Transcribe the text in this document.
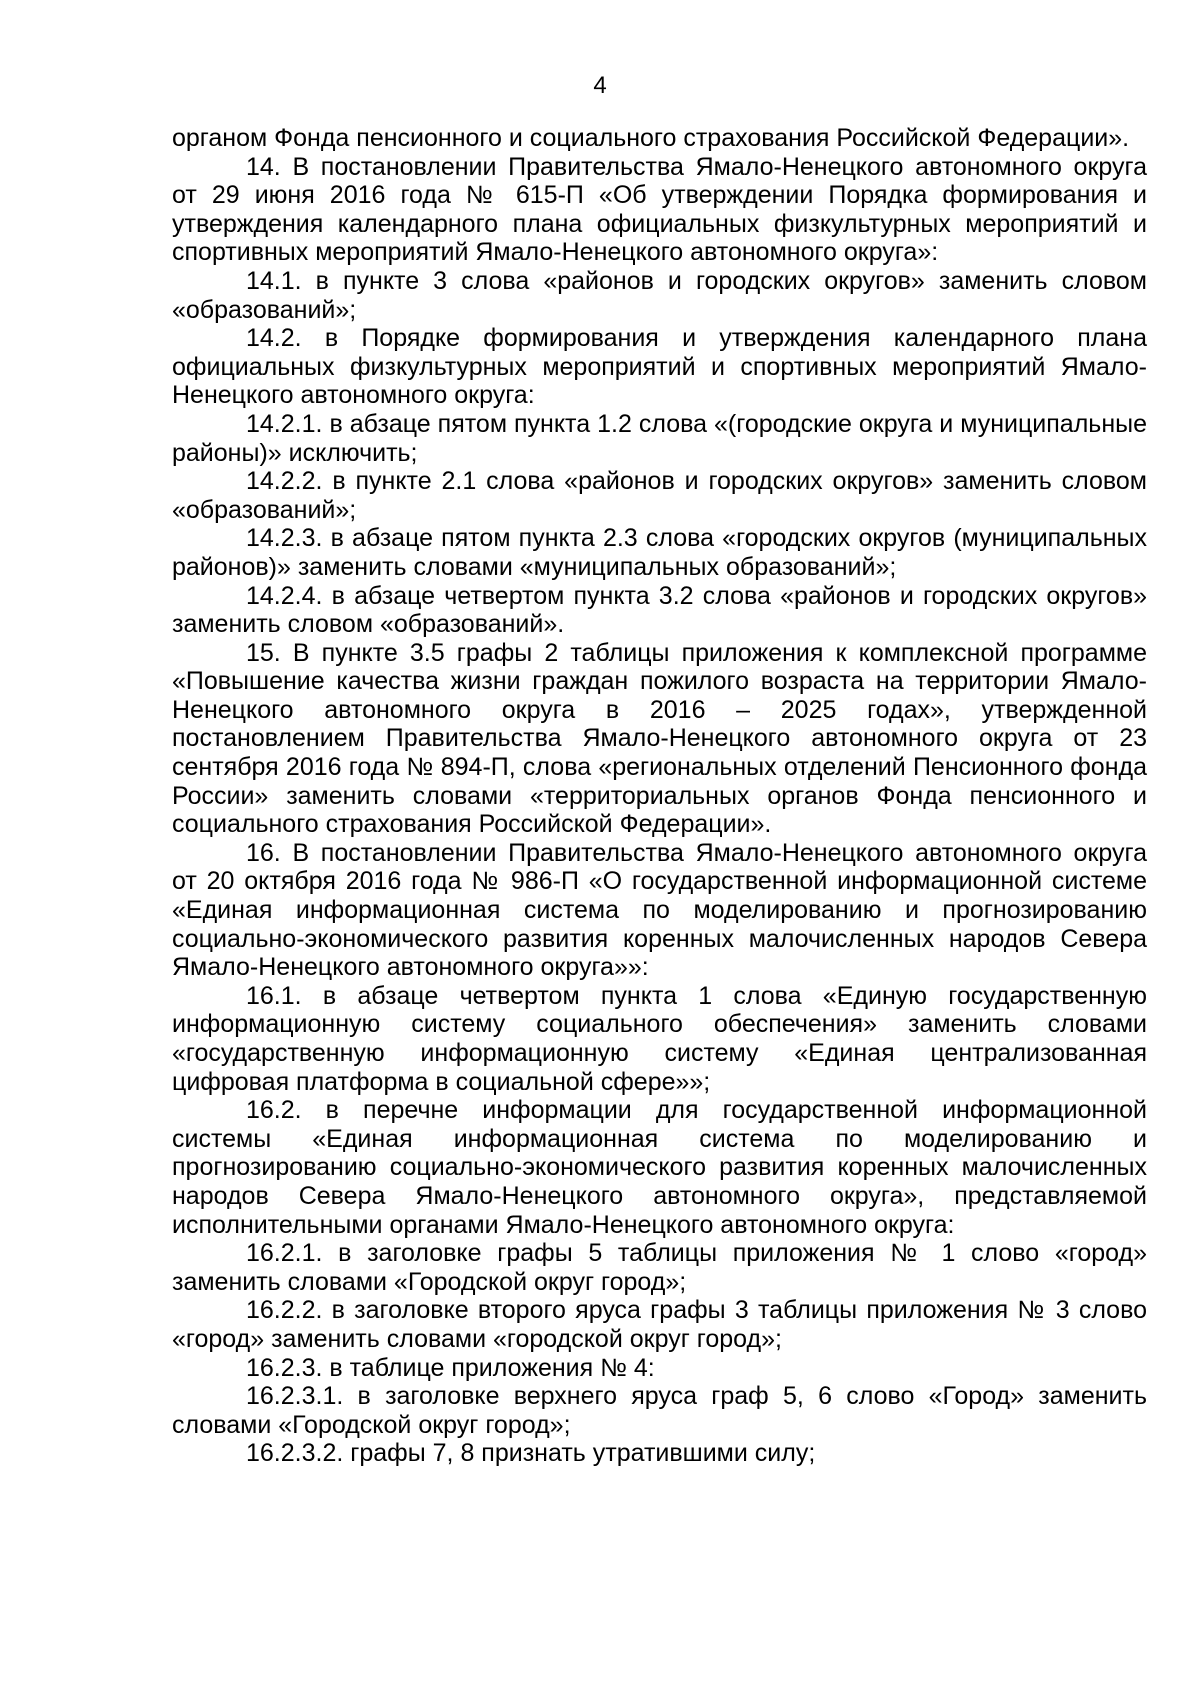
4

органом Фонда пенсионного и социального страхования Российской Федерации».

14. В постановлении Правительства Ямало-Ненецкого автономного округа от 29 июня 2016 года № 615-П «Об утверждении Порядка формирования и утверждения календарного плана официальных физкультурных мероприятий и спортивных мероприятий Ямало-Ненецкого автономного округа»:

14.1. в пункте 3 слова «районов и городских округов» заменить словом «образований»;

14.2. в Порядке формирования и утверждения календарного плана официальных физкультурных мероприятий и спортивных мероприятий Ямало-Ненецкого автономного округа:

14.2.1. в абзаце пятом пункта 1.2 слова «(городские округа и муниципальные районы)» исключить;

14.2.2. в пункте 2.1 слова «районов и городских округов» заменить словом «образований»;

14.2.3. в абзаце пятом пункта 2.3 слова «городских округов (муниципальных районов)» заменить словами «муниципальных образований»;

14.2.4. в абзаце четвертом пункта 3.2 слова «районов и городских округов» заменить словом «образований».

15. В пункте 3.5 графы 2 таблицы приложения к комплексной программе «Повышение качества жизни граждан пожилого возраста на территории Ямало-Ненецкого автономного округа в 2016 – 2025 годах», утвержденной постановлением Правительства Ямало-Ненецкого автономного округа от 23 сентября 2016 года № 894-П, слова «региональных отделений Пенсионного фонда России» заменить словами «территориальных органов Фонда пенсионного и социального страхования Российской Федерации».

16. В постановлении Правительства Ямало-Ненецкого автономного округа от 20 октября 2016 года № 986-П «О государственной информационной системе «Единая информационная система по моделированию и прогнозированию социально-экономического развития коренных малочисленных народов Севера Ямало-Ненецкого автономного округа»»:

16.1. в абзаце четвертом пункта 1 слова «Единую государственную информационную систему социального обеспечения» заменить словами «государственную информационную систему «Единая централизованная цифровая платформа в социальной сфере»»;

16.2. в перечне информации для государственной информационной системы «Единая информационная система по моделированию и прогнозированию социально-экономического развития коренных малочисленных народов Севера Ямало-Ненецкого автономного округа», представляемой исполнительными органами Ямало-Ненецкого автономного округа:

16.2.1. в заголовке графы 5 таблицы приложения № 1 слово «город» заменить словами «Городской округ город»;

16.2.2. в заголовке второго яруса графы 3 таблицы приложения № 3 слово «город» заменить словами «городской округ город»;

16.2.3. в таблице приложения № 4:

16.2.3.1. в заголовке верхнего яруса граф 5, 6 слово «Город» заменить словами «Городской округ город»;

16.2.3.2. графы 7, 8 признать утратившими силу;
